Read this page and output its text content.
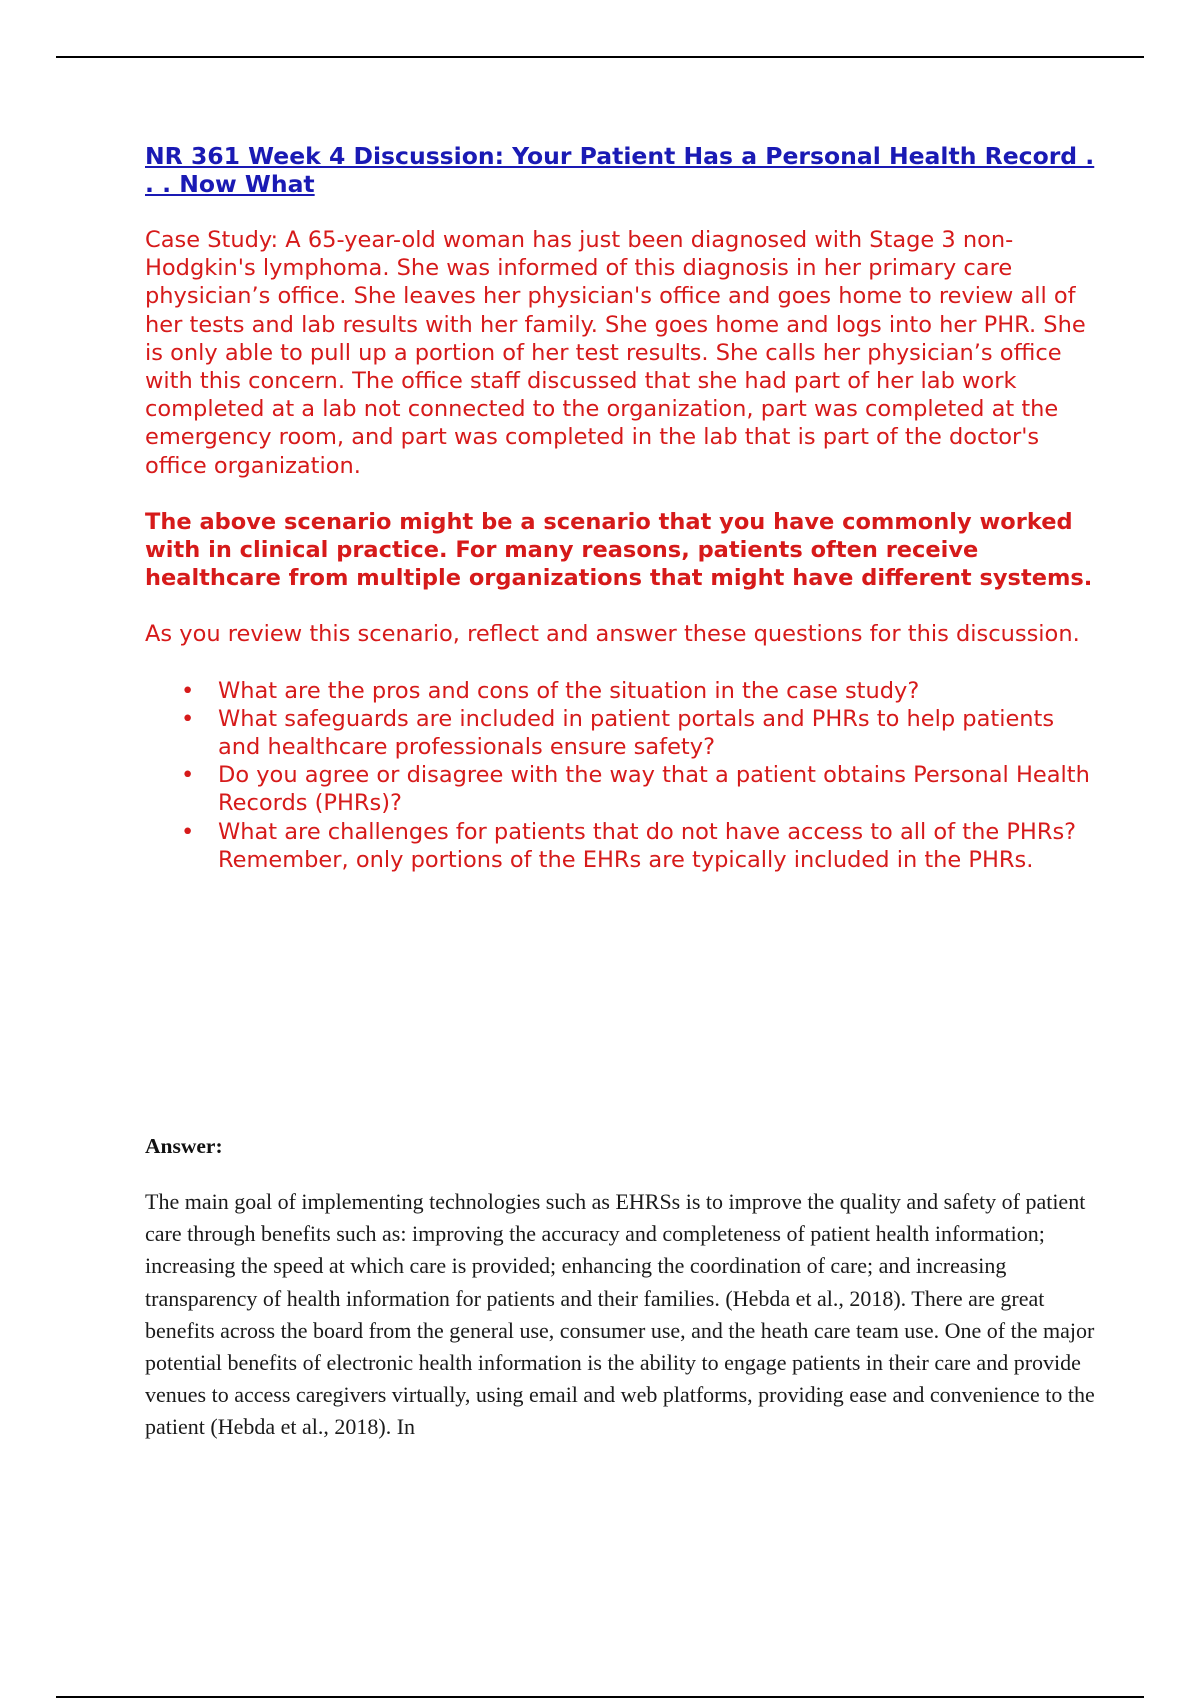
NR 361 Week 4 Discussion: Your Patient Has a Personal Health Record . . . Now What

Case Study: A 65-year-old woman has just been diagnosed with Stage 3 non-Hodgkin's lymphoma. She was informed of this diagnosis in her primary care physician’s office. She leaves her physician's office and goes home to review all of her tests and lab results with her family. She goes home and logs into her PHR. She is only able to pull up a portion of her test results. She calls her physician’s office with this concern. The office staff discussed that she had part of her lab work completed at a lab not connected to the organization, part was completed at the emergency room, and part was completed in the lab that is part of the doctor's office organization.

The above scenario might be a scenario that you have commonly worked with in clinical practice. For many reasons, patients often receive healthcare from multiple organizations that might have different systems.

As you review this scenario, reflect and answer these questions for this discussion.

• What are the pros and cons of the situation in the case study?
• What safeguards are included in patient portals and PHRs to help patients and healthcare professionals ensure safety?
• Do you agree or disagree with the way that a patient obtains Personal Health Records (PHRs)?
• What are challenges for patients that do not have access to all of the PHRs? Remember, only portions of the EHRs are typically included in the PHRs.

Answer:

The main goal of implementing technologies such as EHRSs is to improve the quality and safety of patient care through benefits such as: improving the accuracy and completeness of patient health information; increasing the speed at which care is provided; enhancing the coordination of care; and increasing transparency of health information for patients and their families. (Hebda et al., 2018). There are great benefits across the board from the general use, consumer use, and the heath care team use. One of the major potential benefits of electronic health information is the ability to engage patients in their care and provide venues to access caregivers virtually, using email and web platforms, providing ease and convenience to the patient (Hebda et al., 2018). In
